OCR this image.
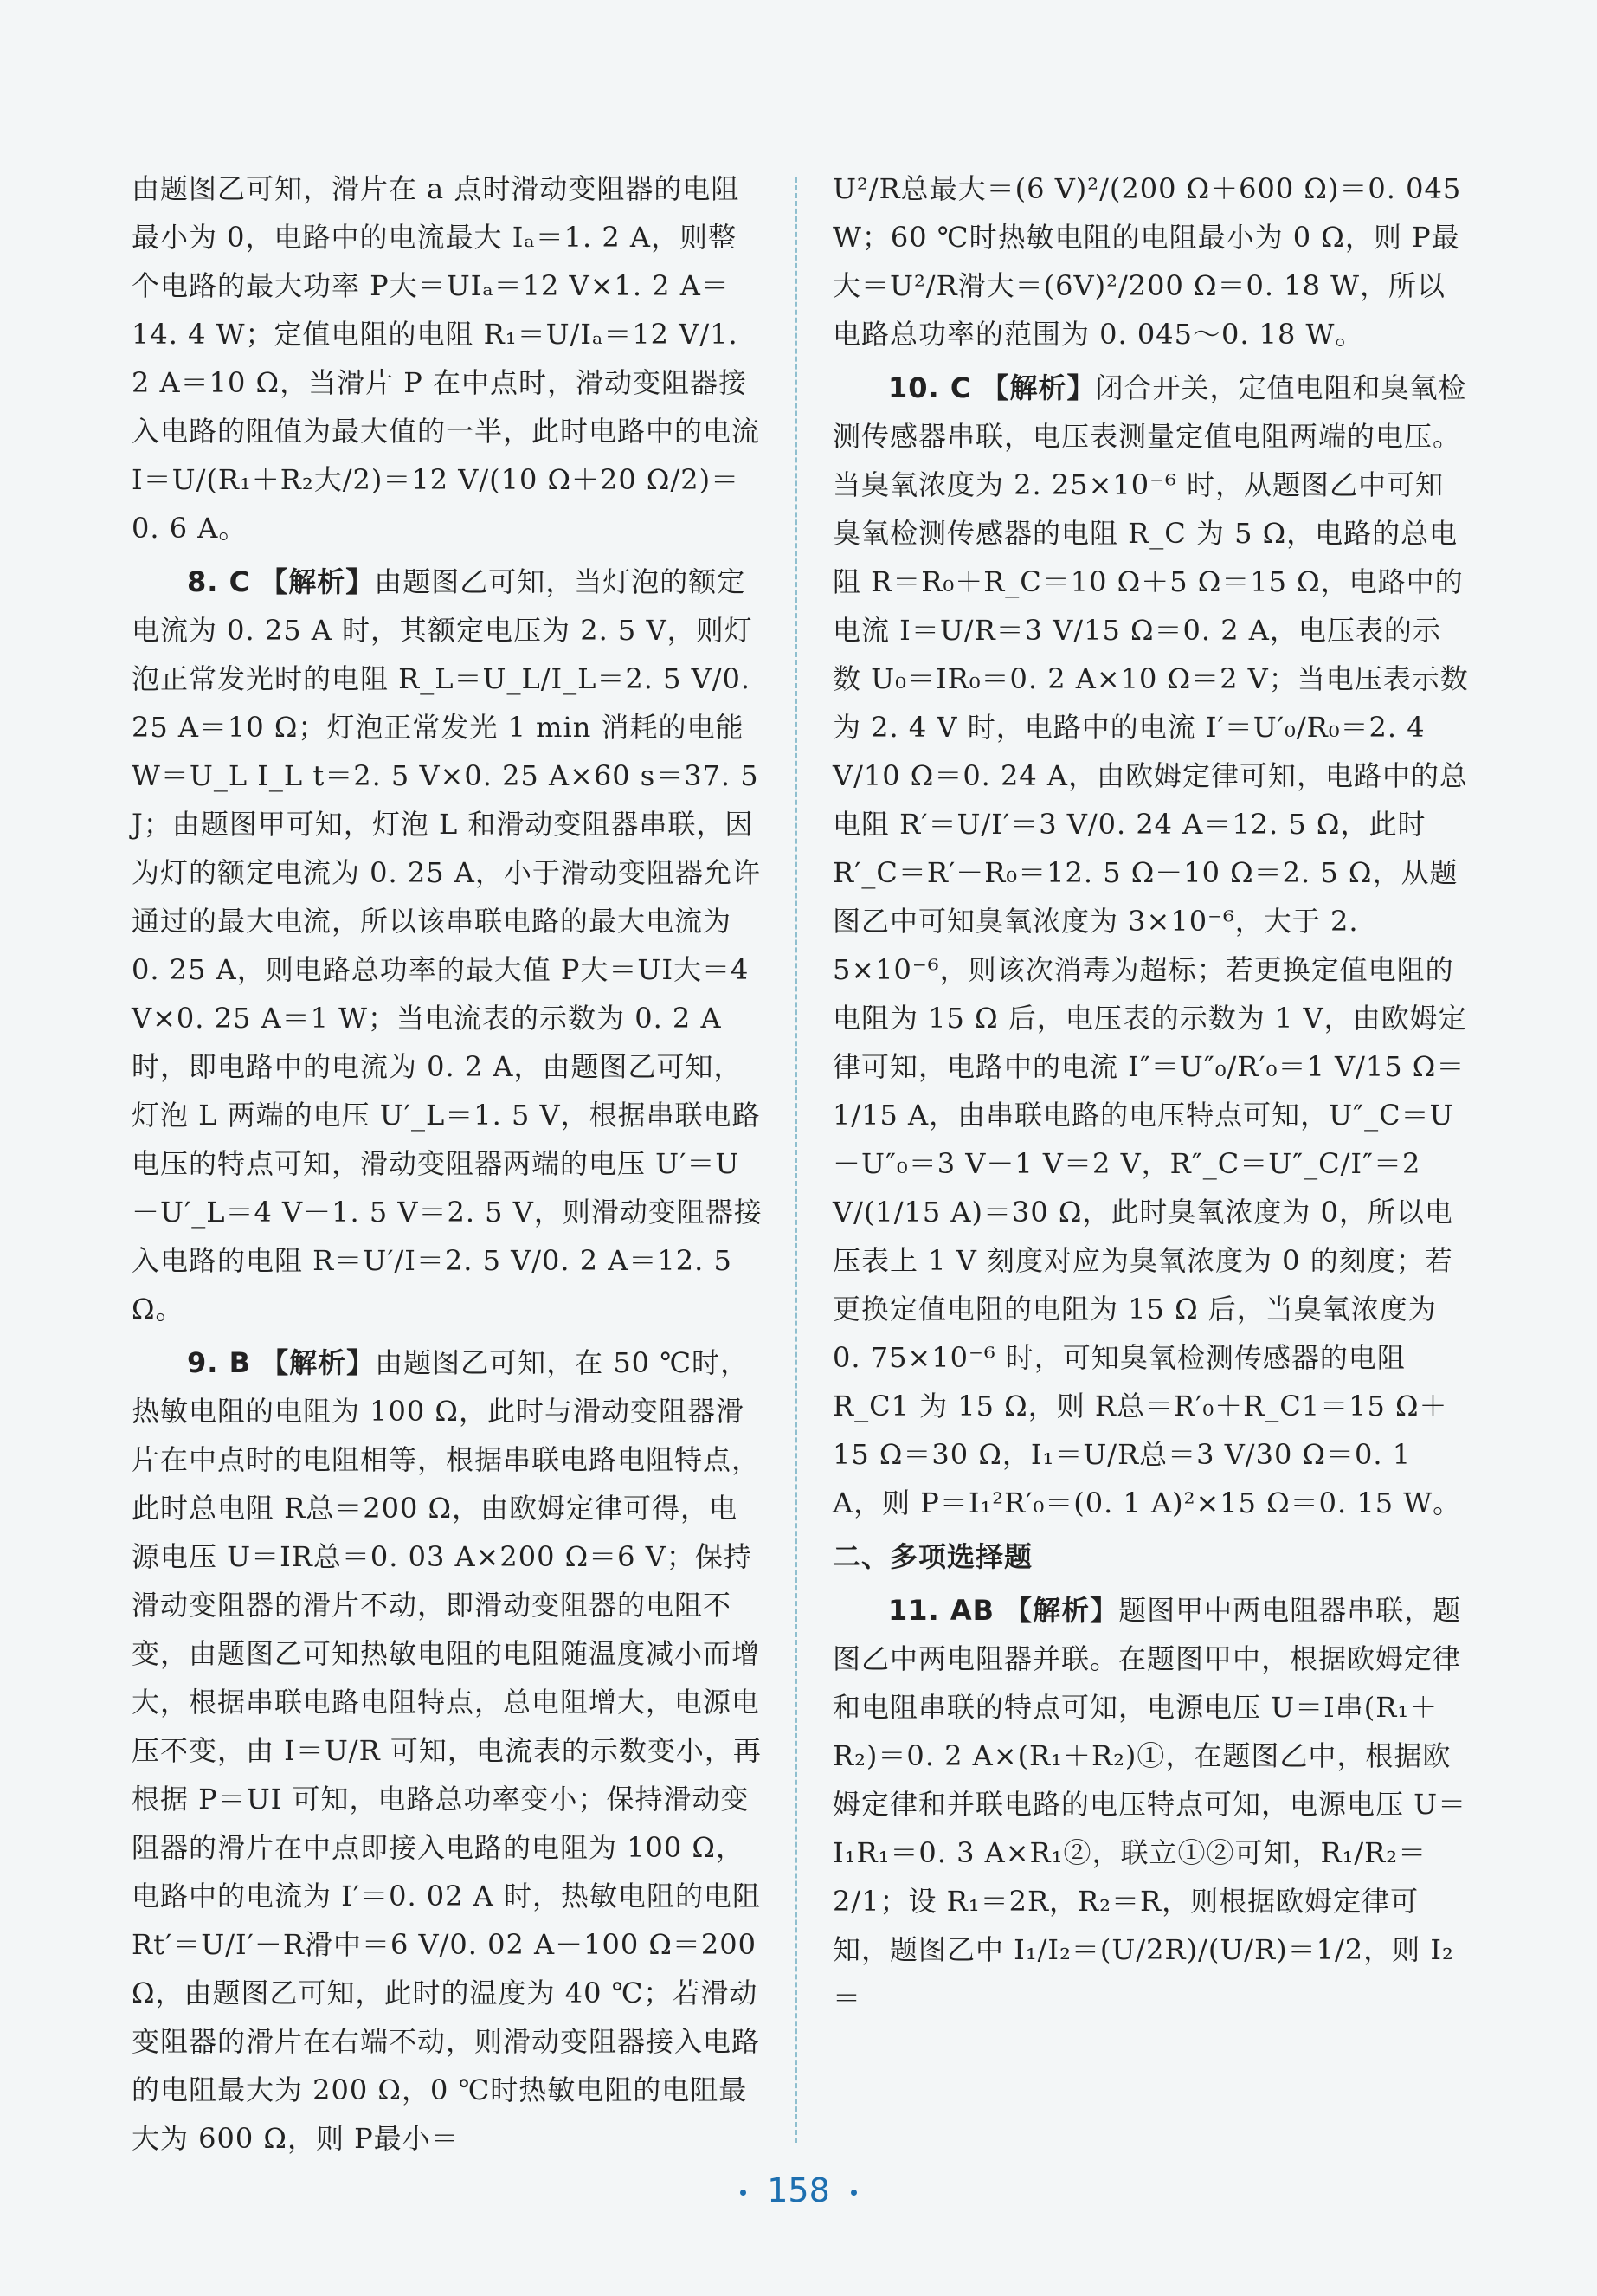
由题图乙可知，滑片在 a 点时滑动变阻器的电阻最小为 0，电路中的电流最大 Iₐ＝1. 2 A，则整个电路的最大功率 P大＝UIₐ＝12 V×1. 2 A＝14. 4 W；定值电阻的电阻 R₁＝U/Iₐ＝12 V/1. 2 A＝10 Ω，当滑片 P 在中点时，滑动变阻器接入电路的阻值为最大值的一半，此时电路中的电流 I＝U/(R₁＋R₂大/2)＝12 V/(10 Ω＋20 Ω/2)＝0. 6 A。

8. C 【解析】由题图乙可知，当灯泡的额定电流为 0. 25 A 时，其额定电压为 2. 5 V，则灯泡正常发光时的电阻 R_L＝U_L/I_L＝2. 5 V/0. 25 A＝10 Ω；灯泡正常发光 1 min 消耗的电能 W＝U_L I_L t＝2. 5 V×0. 25 A×60 s＝37. 5 J；由题图甲可知，灯泡 L 和滑动变阻器串联，因为灯的额定电流为 0. 25 A，小于滑动变阻器允许通过的最大电流，所以该串联电路的最大电流为 0. 25 A，则电路总功率的最大值 P大＝UI大＝4 V×0. 25 A＝1 W；当电流表的示数为 0. 2 A 时，即电路中的电流为 0. 2 A，由题图乙可知，灯泡 L 两端的电压 U′_L＝1. 5 V，根据串联电路电压的特点可知，滑动变阻器两端的电压 U′＝U－U′_L＝4 V－1. 5 V＝2. 5 V，则滑动变阻器接入电路的电阻 R＝U′/I＝2. 5 V/0. 2 A＝12. 5 Ω。

9. B 【解析】由题图乙可知，在 50 ℃时，热敏电阻的电阻为 100 Ω，此时与滑动变阻器滑片在中点时的电阻相等，根据串联电路电阻特点，此时总电阻 R总＝200 Ω，由欧姆定律可得，电源电压 U＝IR总＝0. 03 A×200 Ω＝6 V；保持滑动变阻器的滑片不动，即滑动变阻器的电阻不变，由题图乙可知热敏电阻的电阻随温度减小而增大，根据串联电路电阻特点，总电阻增大，电源电压不变，由 I＝U/R 可知，电流表的示数变小，再根据 P＝UI 可知，电路总功率变小；保持滑动变阻器的滑片在中点即接入电路的电阻为 100 Ω，电路中的电流为 I′＝0. 02 A 时，热敏电阻的电阻 Rt′＝U/I′－R滑中＝6 V/0. 02 A－100 Ω＝200 Ω，由题图乙可知，此时的温度为 40 ℃；若滑动变阻器的滑片在右端不动，则滑动变阻器接入电路的电阻最大为 200 Ω，0 ℃时热敏电阻的电阻最大为 600 Ω，则 P最小＝

U²/R总最大＝(6 V)²/(200 Ω＋600 Ω)＝0. 045 W；60 ℃时热敏电阻的电阻最小为 0 Ω，则 P最大＝U²/R滑大＝(6V)²/200 Ω＝0. 18 W，所以电路总功率的范围为 0. 045～0. 18 W。

10. C 【解析】闭合开关，定值电阻和臭氧检测传感器串联，电压表测量定值电阻两端的电压。当臭氧浓度为 2. 25×10⁻⁶ 时，从题图乙中可知臭氧检测传感器的电阻 R_C 为 5 Ω，电路的总电阻 R＝R₀＋R_C＝10 Ω＋5 Ω＝15 Ω，电路中的电流 I＝U/R＝3 V/15 Ω＝0. 2 A，电压表的示数 U₀＝IR₀＝0. 2 A×10 Ω＝2 V；当电压表示数为 2. 4 V 时，电路中的电流 I′＝U′₀/R₀＝2. 4 V/10 Ω＝0. 24 A，由欧姆定律可知，电路中的总电阻 R′＝U/I′＝3 V/0. 24 A＝12. 5 Ω，此时 R′_C＝R′－R₀＝12. 5 Ω－10 Ω＝2. 5 Ω，从题图乙中可知臭氧浓度为 3×10⁻⁶，大于 2. 5×10⁻⁶，则该次消毒为超标；若更换定值电阻的电阻为 15 Ω 后，电压表的示数为 1 V，由欧姆定律可知，电路中的电流 I″＝U″₀/R′₀＝1 V/15 Ω＝1/15 A，由串联电路的电压特点可知，U″_C＝U－U″₀＝3 V－1 V＝2 V，R″_C＝U″_C/I″＝2 V/(1/15 A)＝30 Ω，此时臭氧浓度为 0，所以电压表上 1 V 刻度对应为臭氧浓度为 0 的刻度；若更换定值电阻的电阻为 15 Ω 后，当臭氧浓度为 0. 75×10⁻⁶ 时，可知臭氧检测传感器的电阻 R_C1 为 15 Ω，则 R总＝R′₀＋R_C1＝15 Ω＋15 Ω＝30 Ω，I₁＝U/R总＝3 V/30 Ω＝0. 1 A，则 P＝I₁²R′₀＝(0. 1 A)²×15 Ω＝0. 15 W。

二、多项选择题

11. AB 【解析】题图甲中两电阻器串联，题图乙中两电阻器并联。在题图甲中，根据欧姆定律和电阻串联的特点可知，电源电压 U＝I串(R₁＋R₂)＝0. 2 A×(R₁＋R₂)①，在题图乙中，根据欧姆定律和并联电路的电压特点可知，电源电压 U＝I₁R₁＝0. 3 A×R₁②，联立①②可知，R₁/R₂＝2/1；设 R₁＝2R，R₂＝R，则根据欧姆定律可知，题图乙中 I₁/I₂＝(U/2R)/(U/R)＝1/2，则 I₂＝

158
